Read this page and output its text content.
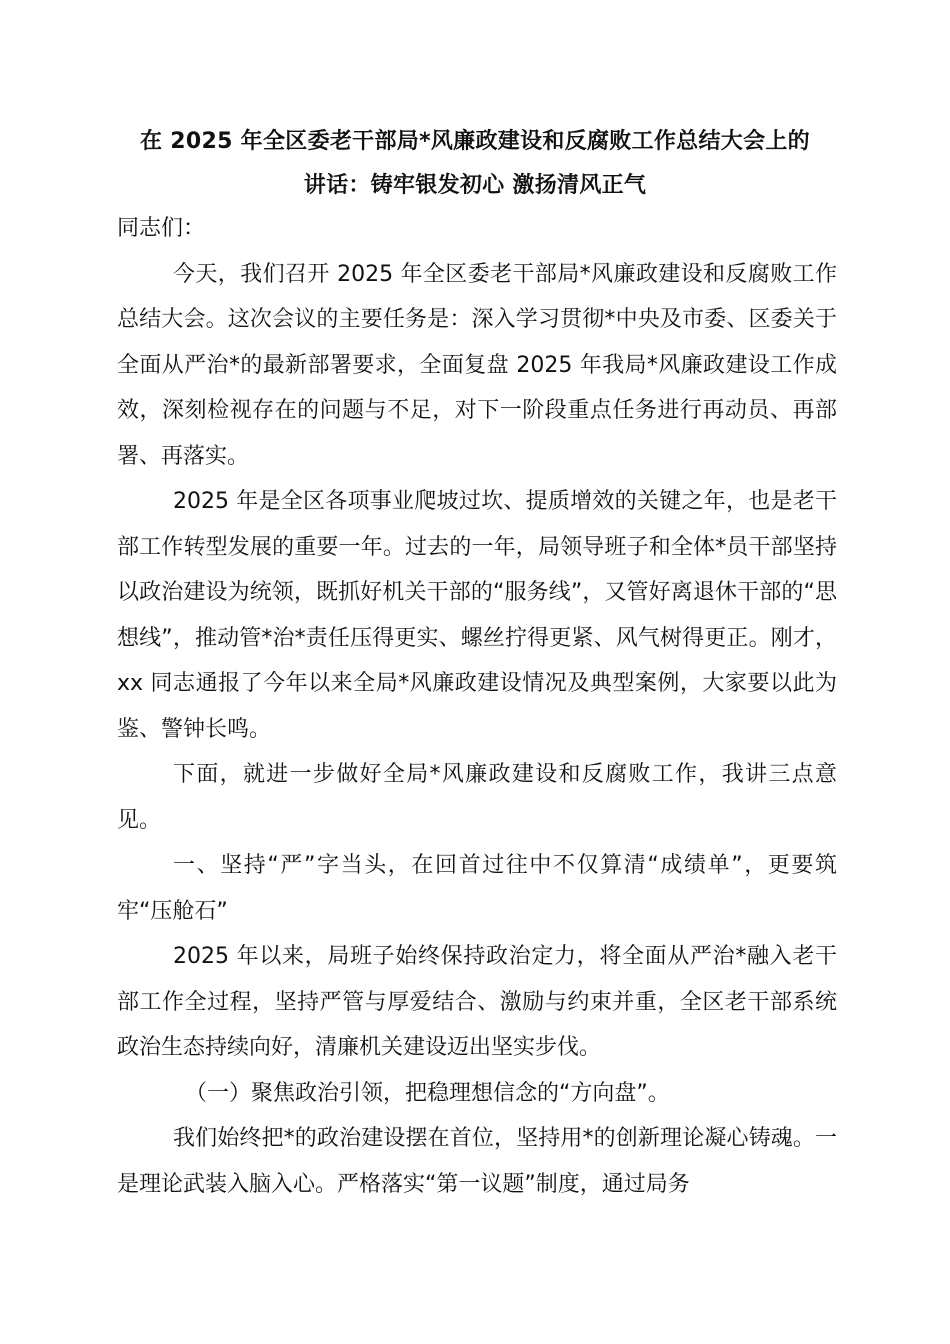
在 2025 年全区委老干部局*风廉政建设和反腐败工作总结大会上的
讲话：铸牢银发初心 激扬清风正气

同志们：

今天，我们召开 2025 年全区委老干部局*风廉政建设和反腐败工作总结大会。这次会议的主要任务是：深入学习贯彻*中央及市委、区委关于全面从严治*的最新部署要求，全面复盘 2025 年我局*风廉政建设工作成效，深刻检视存在的问题与不足，对下一阶段重点任务进行再动员、再部署、再落实。

2025 年是全区各项事业爬坡过坎、提质增效的关键之年，也是老干部工作转型发展的重要一年。过去的一年，局领导班子和全体*员干部坚持以政治建设为统领，既抓好机关干部的“服务线”，又管好离退休干部的“思想线”，推动管*治*责任压得更实、螺丝拧得更紧、风气树得更正。刚才，xx 同志通报了今年以来全局*风廉政建设情况及典型案例，大家要以此为鉴、警钟长鸣。

下面，就进一步做好全局*风廉政建设和反腐败工作，我讲三点意见。

一、坚持“严”字当头，在回首过往中不仅算清“成绩单”，更要筑牢“压舱石”

2025 年以来，局班子始终保持政治定力，将全面从严治*融入老干部工作全过程，坚持严管与厚爱结合、激励与约束并重，全区老干部系统政治生态持续向好，清廉机关建设迈出坚实步伐。

（一）聚焦政治引领，把稳理想信念的“方向盘”。

我们始终把*的政治建设摆在首位，坚持用*的创新理论凝心铸魂。一是理论武装入脑入心。严格落实“第一议题”制度，通过局务
